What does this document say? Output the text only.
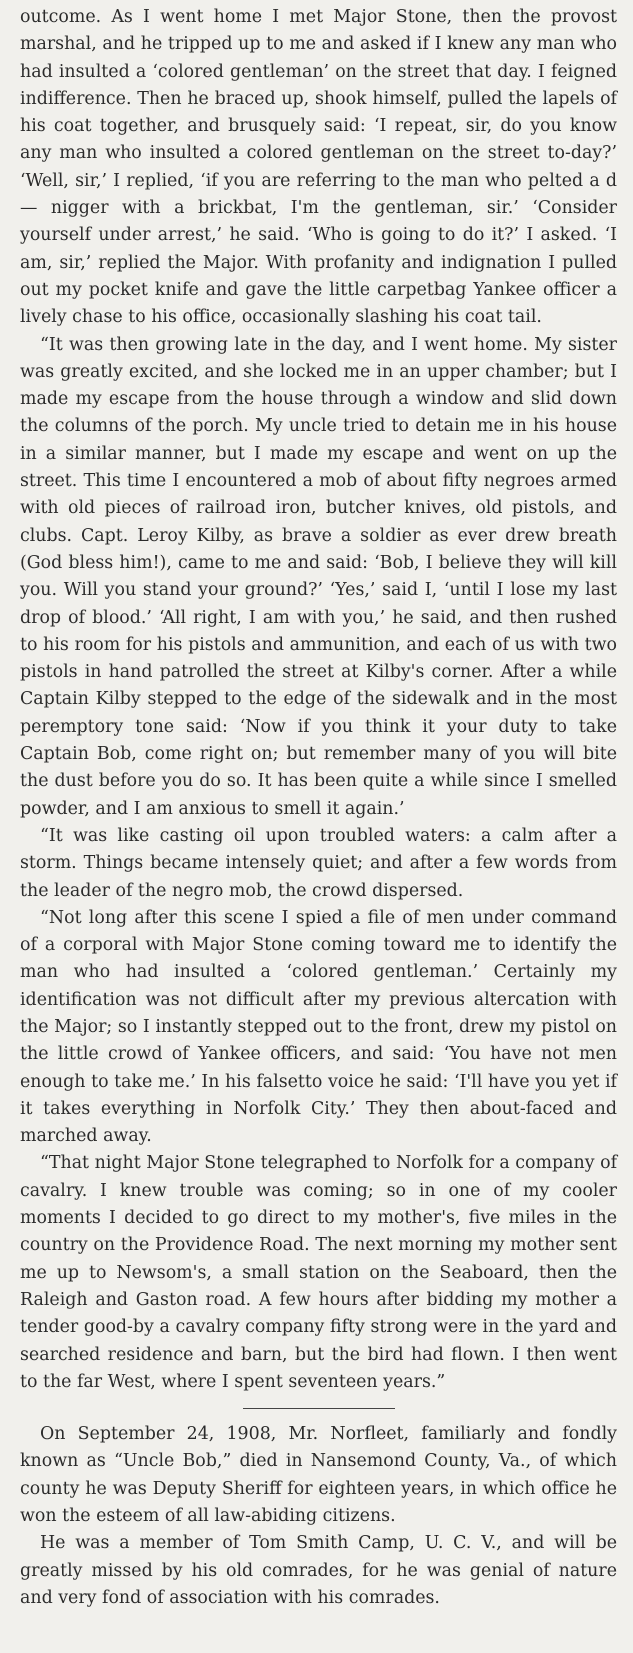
outcome. As I went home I met Major Stone, then the provost marshal, and he tripped up to me and asked if I knew any man who had insulted a ‘colored gentleman’ on the street that day. I feigned indifference. Then he braced up, shook himself, pulled the lapels of his coat together, and brusquely said: ‘I repeat, sir, do you know any man who insulted a colored gentleman on the street to-day?’ ‘Well, sir,’ I replied, ‘if you are referring to the man who pelted a d— nigger with a brickbat, I'm the gentleman, sir.’ ‘Consider yourself under arrest,’ he said. ‘Who is going to do it?’ I asked. ‘I am, sir,’ replied the Major. With profanity and indignation I pulled out my pocket knife and gave the little carpetbag Yankee officer a lively chase to his office, occasionally slashing his coat tail.

“It was then growing late in the day, and I went home. My sister was greatly excited, and she locked me in an upper chamber; but I made my escape from the house through a window and slid down the columns of the porch. My uncle tried to detain me in his house in a similar manner, but I made my escape and went on up the street. This time I encountered a mob of about fifty negroes armed with old pieces of railroad iron, butcher knives, old pistols, and clubs. Capt. Leroy Kilby, as brave a soldier as ever drew breath (God bless him!), came to me and said: ‘Bob, I believe they will kill you. Will you stand your ground?’ ‘Yes,’ said I, ‘until I lose my last drop of blood.’ ‘All right, I am with you,’ he said, and then rushed to his room for his pistols and ammunition, and each of us with two pistols in hand patrolled the street at Kilby's corner. After a while Captain Kilby stepped to the edge of the sidewalk and in the most peremptory tone said: ‘Now if you think it your duty to take Captain Bob, come right on; but remember many of you will bite the dust before you do so. It has been quite a while since I smelled powder, and I am anxious to smell it again.’

“It was like casting oil upon troubled waters: a calm after a storm. Things became intensely quiet; and after a few words from the leader of the negro mob, the crowd dispersed.

“Not long after this scene I spied a file of men under command of a corporal with Major Stone coming toward me to identify the man who had insulted a ‘colored gentleman.’ Certainly my identification was not difficult after my previous altercation with the Major; so I instantly stepped out to the front, drew my pistol on the little crowd of Yankee officers, and said: ‘You have not men enough to take me.’ In his falsetto voice he said: ‘I'll have you yet if it takes everything in Norfolk City.’ They then about-faced and marched away.

“That night Major Stone telegraphed to Norfolk for a company of cavalry. I knew trouble was coming; so in one of my cooler moments I decided to go direct to my mother's, five miles in the country on the Providence Road. The next morning my mother sent me up to Newsom's, a small station on the Seaboard, then the Raleigh and Gaston road. A few hours after bidding my mother a tender good-by a cavalry company fifty strong were in the yard and searched residence and barn, but the bird had flown. I then went to the far West, where I spent seventeen years.”

On September 24, 1908, Mr. Norfleet, familiarly and fondly known as “Uncle Bob,” died in Nansemond County, Va., of which county he was Deputy Sheriff for eighteen years, in which office he won the esteem of all law-abiding citizens.

He was a member of Tom Smith Camp, U. C. V., and will be greatly missed by his old comrades, for he was genial of nature and very fond of association with his comrades.
